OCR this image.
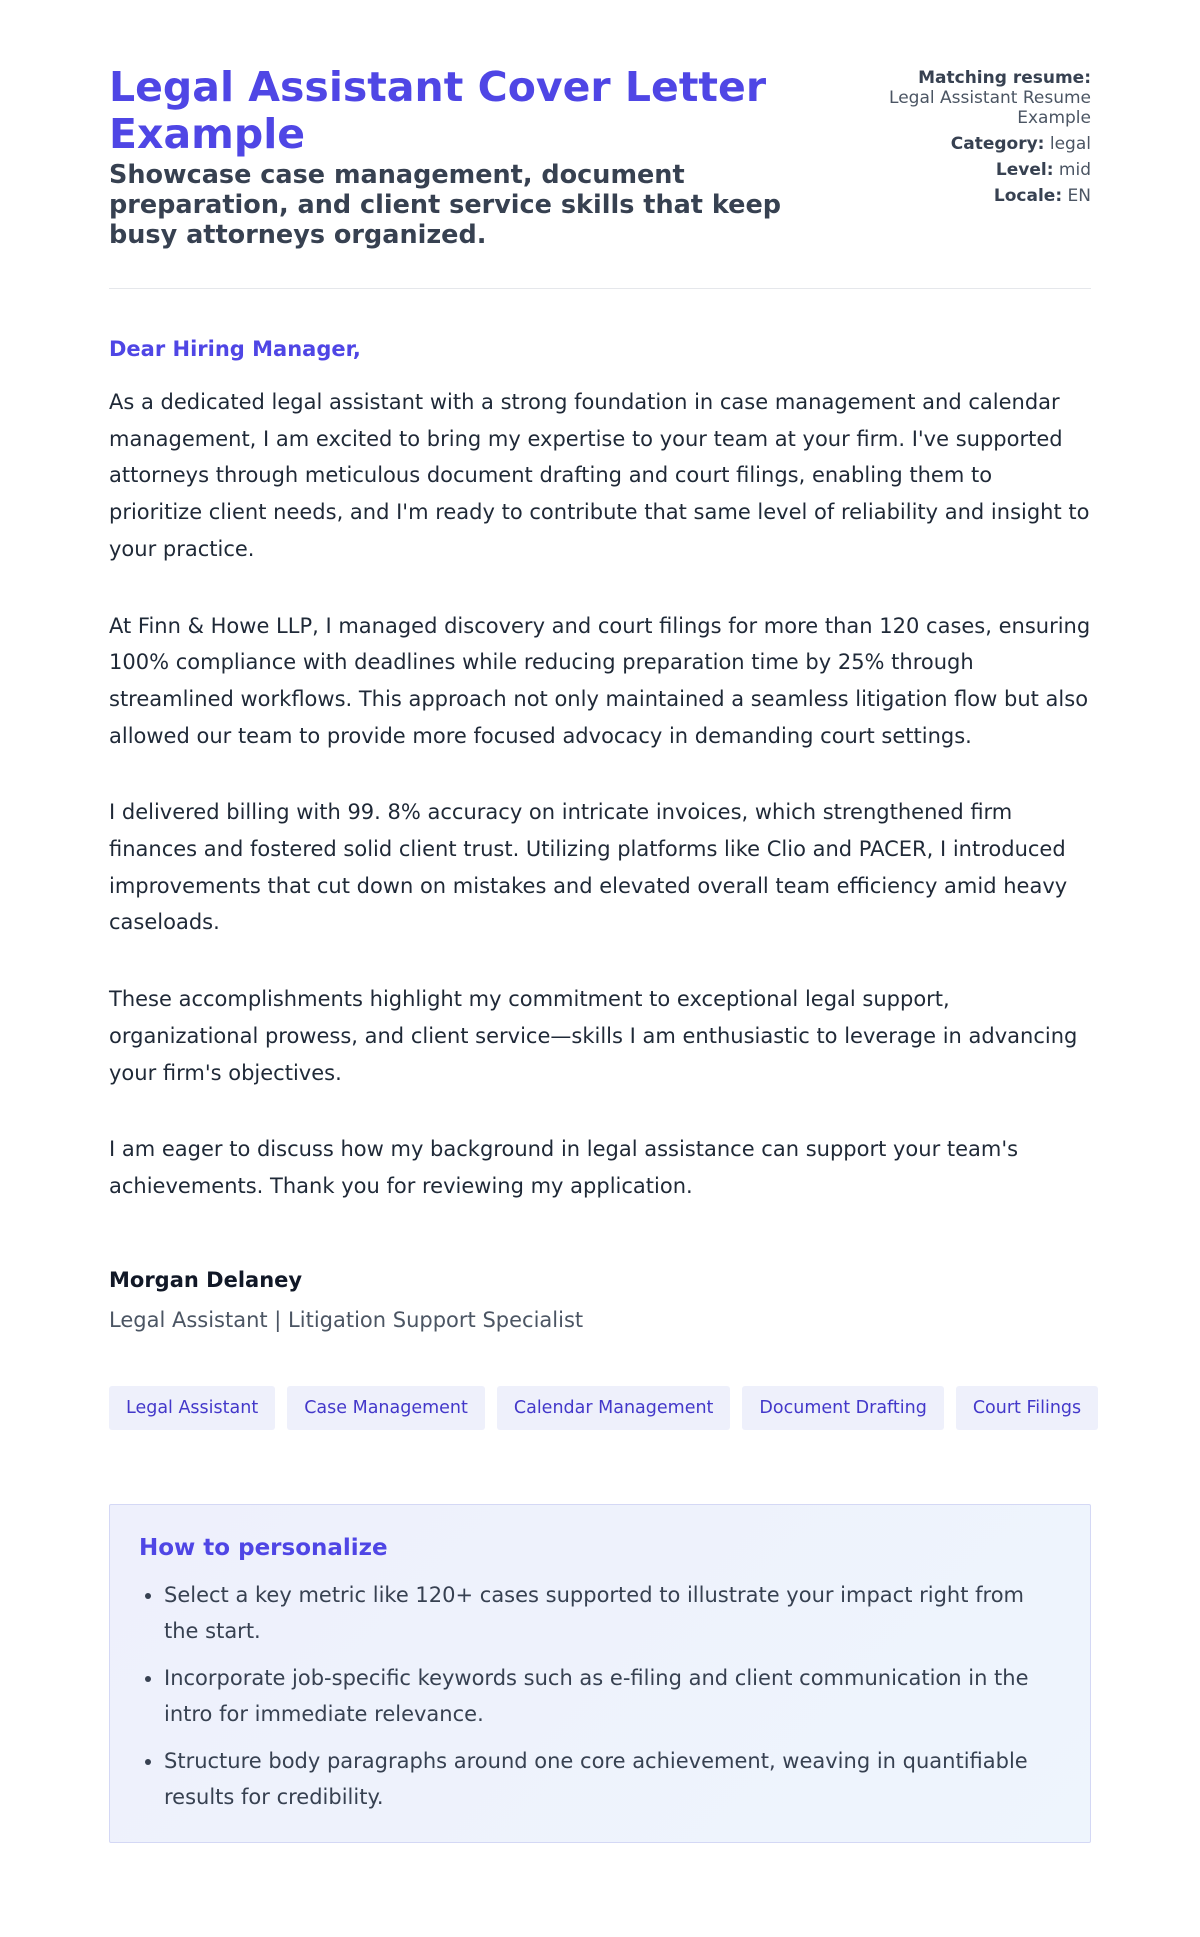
Legal Assistant Cover Letter Example
Showcase case management, document preparation, and client service skills that keep busy attorneys organized.
Matching resume:
Legal Assistant Resume Example
Category: legal
Level: mid
Locale: EN
Dear Hiring Manager,

As a dedicated legal assistant with a strong foundation in case management and calendar management, I am excited to bring my expertise to your team at your firm. I've supported attorneys through meticulous document drafting and court filings, enabling them to prioritize client needs, and I'm ready to contribute that same level of reliability and insight to your practice.

At Finn & Howe LLP, I managed discovery and court filings for more than 120 cases, ensuring 100% compliance with deadlines while reducing preparation time by 25% through streamlined workflows. This approach not only maintained a seamless litigation flow but also allowed our team to provide more focused advocacy in demanding court settings.

I delivered billing with 99. 8% accuracy on intricate invoices, which strengthened firm finances and fostered solid client trust. Utilizing platforms like Clio and PACER, I introduced improvements that cut down on mistakes and elevated overall team efficiency amid heavy caseloads.

These accomplishments highlight my commitment to exceptional legal support, organizational prowess, and client service—skills I am enthusiastic to leverage in advancing your firm's objectives.

I am eager to discuss how my background in legal assistance can support your team's achievements. Thank you for reviewing my application.

Morgan Delaney
Legal Assistant | Litigation Support Specialist
Legal Assistant	Case Management	Calendar Management	Document Drafting	Court Filings
How to personalize
• Select a key metric like 120+ cases supported to illustrate your impact right from the start.
• Incorporate job-specific keywords such as e-filing and client communication in the intro for immediate relevance.
• Structure body paragraphs around one core achievement, weaving in quantifiable results for credibility.
